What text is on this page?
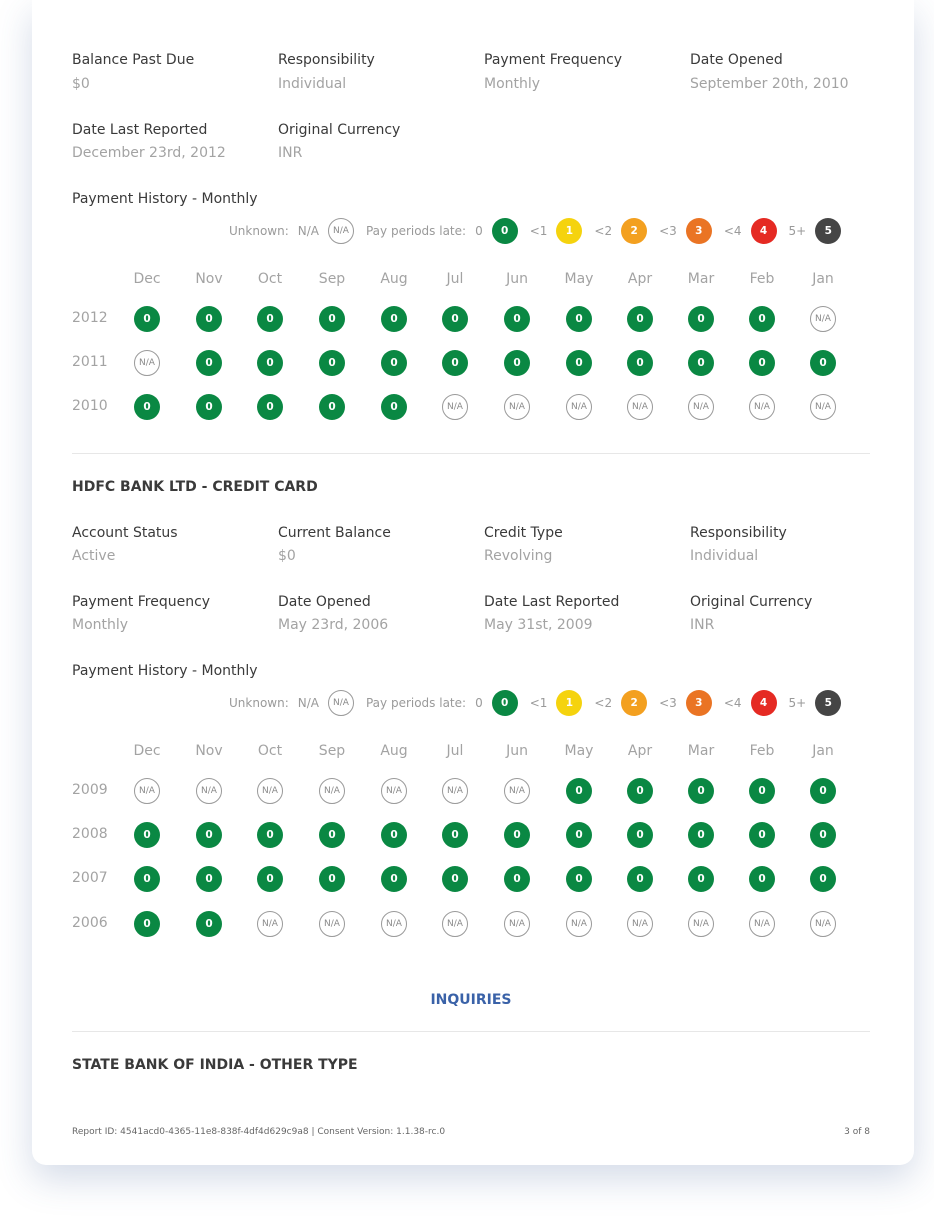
Balance Past Due
$0
Responsibility
Individual
Payment Frequency
Monthly
Date Opened
September 20th, 2010
Date Last Reported
December 23rd, 2012
Original Currency
INR
Payment History - Monthly
Unknown: N/A	N/A	Pay periods late: 0	0	<1	1	<2	2	<3	3	<4	4	5+	5
Dec Nov	Oct	Sep	Aug	Jul	Jun	May Apr	Mar	Feb	Jan
2012	0	0	0	0	0	0	0	0	0	0	0	N/A
2011	N/A	0	0	0	0	0	0	0	0	0	0	0
2010	0	0	0	0	0	N/A	N/A	N/A	N/A	N/A	N/A	N/A
HDFC BANK LTD - CREDIT CARD
Account Status
Active
Current Balance
$0
Credit Type
Revolving
Responsibility
Individual
Payment Frequency
Monthly
Date Opened
May 23rd, 2006
Date Last Reported
May 31st, 2009
Original Currency
INR
Payment History - Monthly
Unknown: N/A	N/A	Pay periods late: 0	0	<1	1	<2	2	<3	3	<4	4	5+	5
Dec Nov	Oct	Sep	Aug	Jul	Jun	May Apr	Mar	Feb	Jan
2009	N/A	N/A	N/A	N/A	N/A	N/A	N/A	0	0	0	0	0
2008	0	0	0	0	0	0	0	0	0	0	0	0
2007	0	0	0	0	0	0	0	0	0	0	0	0
2006	0	0	N/A	N/A	N/A	N/A	N/A	N/A	N/A	N/A	N/A	N/A
INQUIRIES
STATE BANK OF INDIA - OTHER TYPE
Report ID: 4541acd0-4365-11e8-838f-4df4d629c9a8 | Consent Version: 1.1.38-rc.0	3 of 8
